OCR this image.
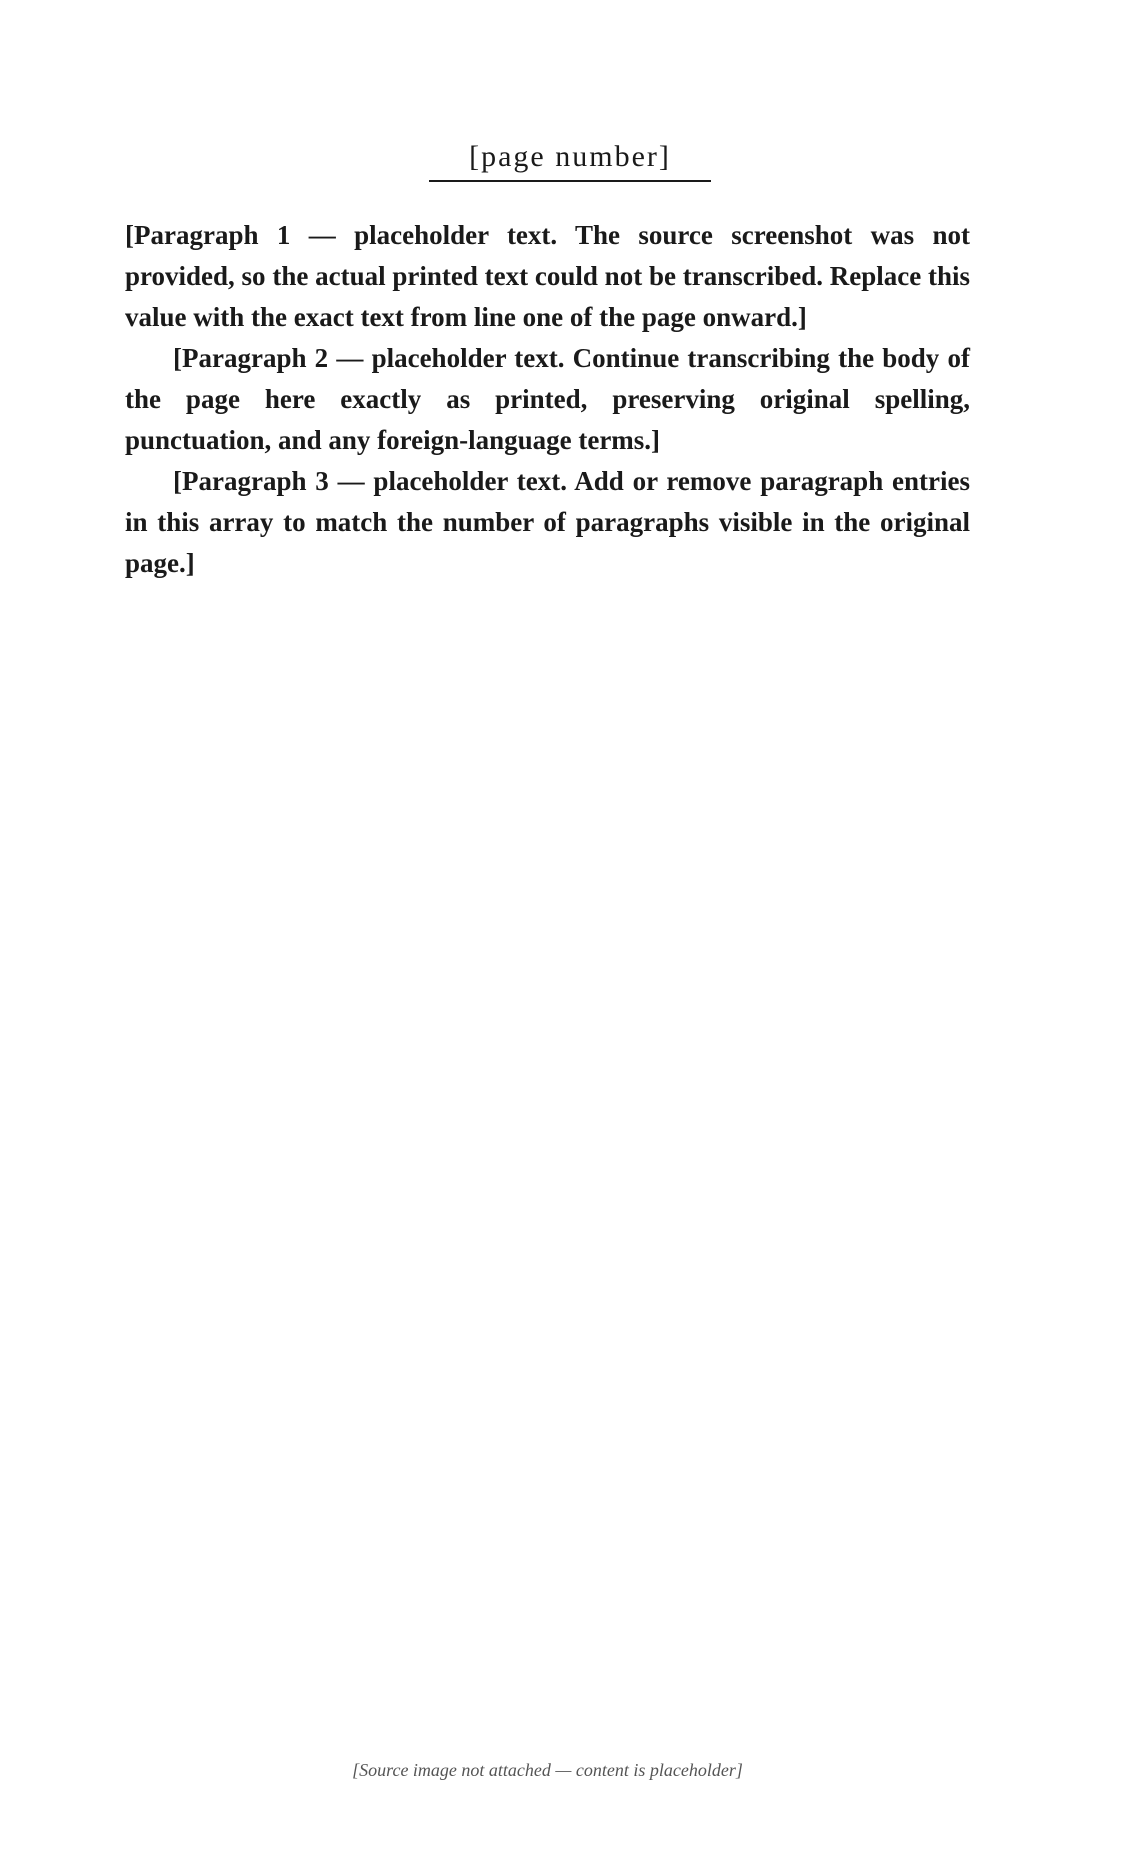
[page number]

[Paragraph 1 — placeholder text. The source screenshot was not provided, so the actual printed text could not be transcribed. Replace this value with the exact text from line one of the page onward.]

[Paragraph 2 — placeholder text. Continue transcribing the body of the page here exactly as printed, preserving original spelling, punctuation, and any foreign-language terms.]

[Paragraph 3 — placeholder text. Add or remove paragraph entries in this array to match the number of paragraphs visible in the original page.]

[Source image not attached — content is placeholder]
